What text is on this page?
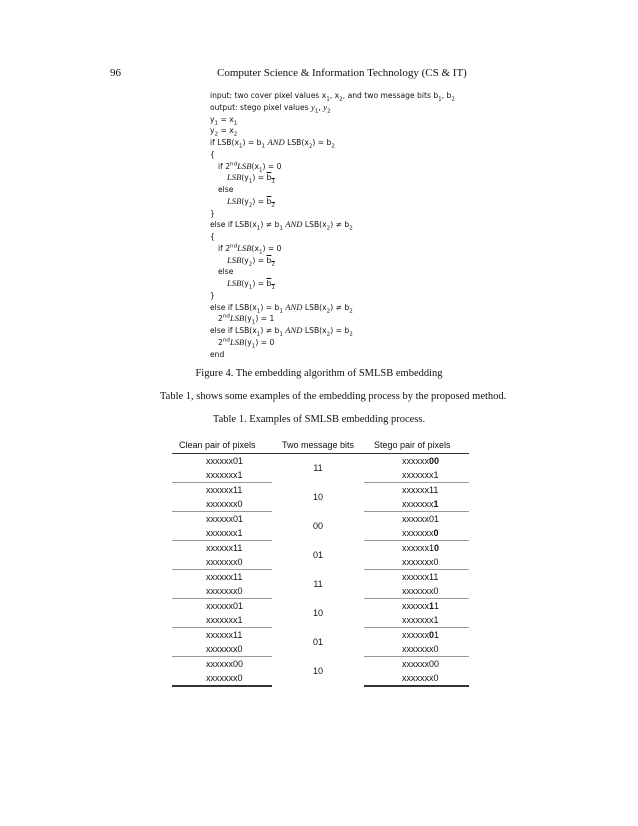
96	Computer Science & Information Technology (CS & IT)
input: two cover pixel values $x_1$, $x_2$, and two message bits $b_1$, $b_2$
output: stego pixel values $y_1$, $y_2$
$y_1 = x_1$
$y_2 = x_2$
if $LSB(x_1) = b_1$ AND $LSB(x_2) = b_2$
{
if $2ndLSB(x_1) = 0$
$LSB(y_1) = b_1$
else
$LSB(y_2) = b_2$
}
else if $LSB(x_1) \ne b_1$ AND $LSB(x_2) \ne b_2$
{
if $2ndLSB(x_1) = 0$
$LSB(y_2) = b_2$
else
$LSB(y_1) = b_1$
}
else if $LSB(x_1) = b_1$ AND $LSB(x_2) \ne b_2$
$2ndLSB(y_1) = 1$
else if $LSB(x_1) \ne b_1$ AND $LSB(x_2) = b_2$
$2ndLSB(y_1) = 0$
end
Figure 4. The embedding algorithm of SMLSB embedding
Table 1, shows some examples of the embedding process by the proposed method.
Table 1. Examples of SMLSB embedding process.
Clean pair of pixels	Two message bits	Stego pair of pixels
xxxxxx01	11	xxxxxx00
xxxxxxx1		xxxxxxx1
xxxxxx11	10	xxxxxx11
xxxxxxx0		xxxxxxx1
xxxxxx01	00	xxxxxx01
xxxxxxx1		xxxxxxx0
xxxxxx11	01	xxxxxx10
xxxxxxx0		xxxxxxx0
xxxxxx11	11	xxxxxx11
xxxxxxx0		xxxxxxx0
xxxxxx01	10	xxxxxx11
xxxxxxx1		xxxxxxx1
xxxxxx11	01	xxxxxx01
xxxxxxx0		xxxxxxx0
xxxxxx00	10	xxxxxx00
xxxxxxx0		xxxxxxx0
